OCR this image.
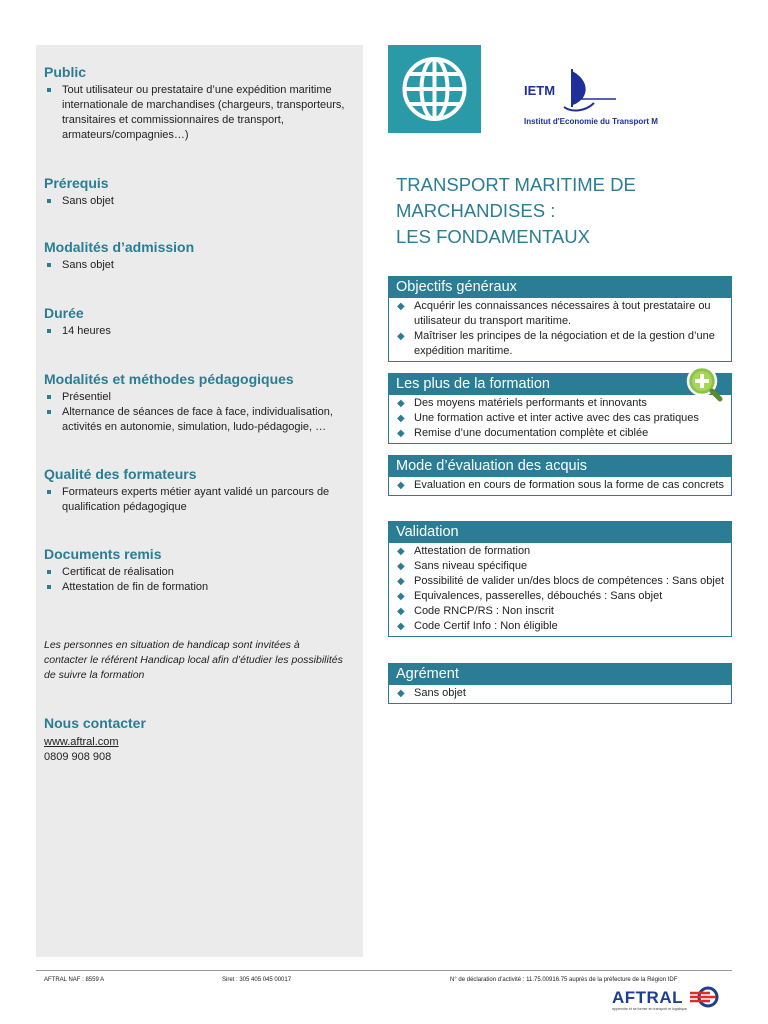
Public
Tout utilisateur ou prestataire d’une expédition maritime internationale de marchandises (chargeurs, transporteurs, transitaires et commissionnaires de transport, armateurs/compagnies…)
Prérequis
Sans objet
Modalités d’admission
Sans objet
Durée
14 heures
Modalités et méthodes pédagogiques
Présentiel
Alternance de séances de face à face, individualisation, activités en autonomie, simulation, ludo-pédagogie, …
Qualité des formateurs
Formateurs experts métier ayant validé un parcours de qualification pédagogique
Documents remis
Certificat de réalisation
Attestation de fin de formation
Les personnes en situation de handicap sont invitées à contacter le référent Handicap local afin d’étudier les possibilités de suivre la formation
Nous contacter
www.aftral.com
0809 908 908
IETM
Institut d'Economie du Transport M
TRANSPORT MARITIME DE
MARCHANDISES :
LES FONDAMENTAUX
Objectifs généraux
◆ Acquérir les connaissances nécessaires à tout prestataire ou utilisateur du transport maritime.
◆ Maîtriser les principes de la négociation et de la gestion d’une expédition maritime.
Les plus de la formation
◆ Des moyens matériels performants et innovants
◆ Une formation active et inter active avec des cas pratiques
◆ Remise d’une documentation complète et ciblée
Mode d’évaluation des acquis
◆ Evaluation en cours de formation sous la forme de cas concrets
Validation
◆ Attestation de formation
◆ Sans niveau spécifique
◆ Possibilité de valider un/des blocs de compétences : Sans objet
◆ Equivalences, passerelles, débouchés : Sans objet
◆ Code RNCP/RS : Non inscrit
◆ Code Certif Info : Non éligible
Agrément
◆ Sans objet
AFTRAL NAF : 8559 A	Siret : 305 405 045 00017	N° de déclaration d’activité : 11.75.00916.75 auprès de la préfecture de la Région IDF
AFTRAL
apprendre et se former en transport et logistique
